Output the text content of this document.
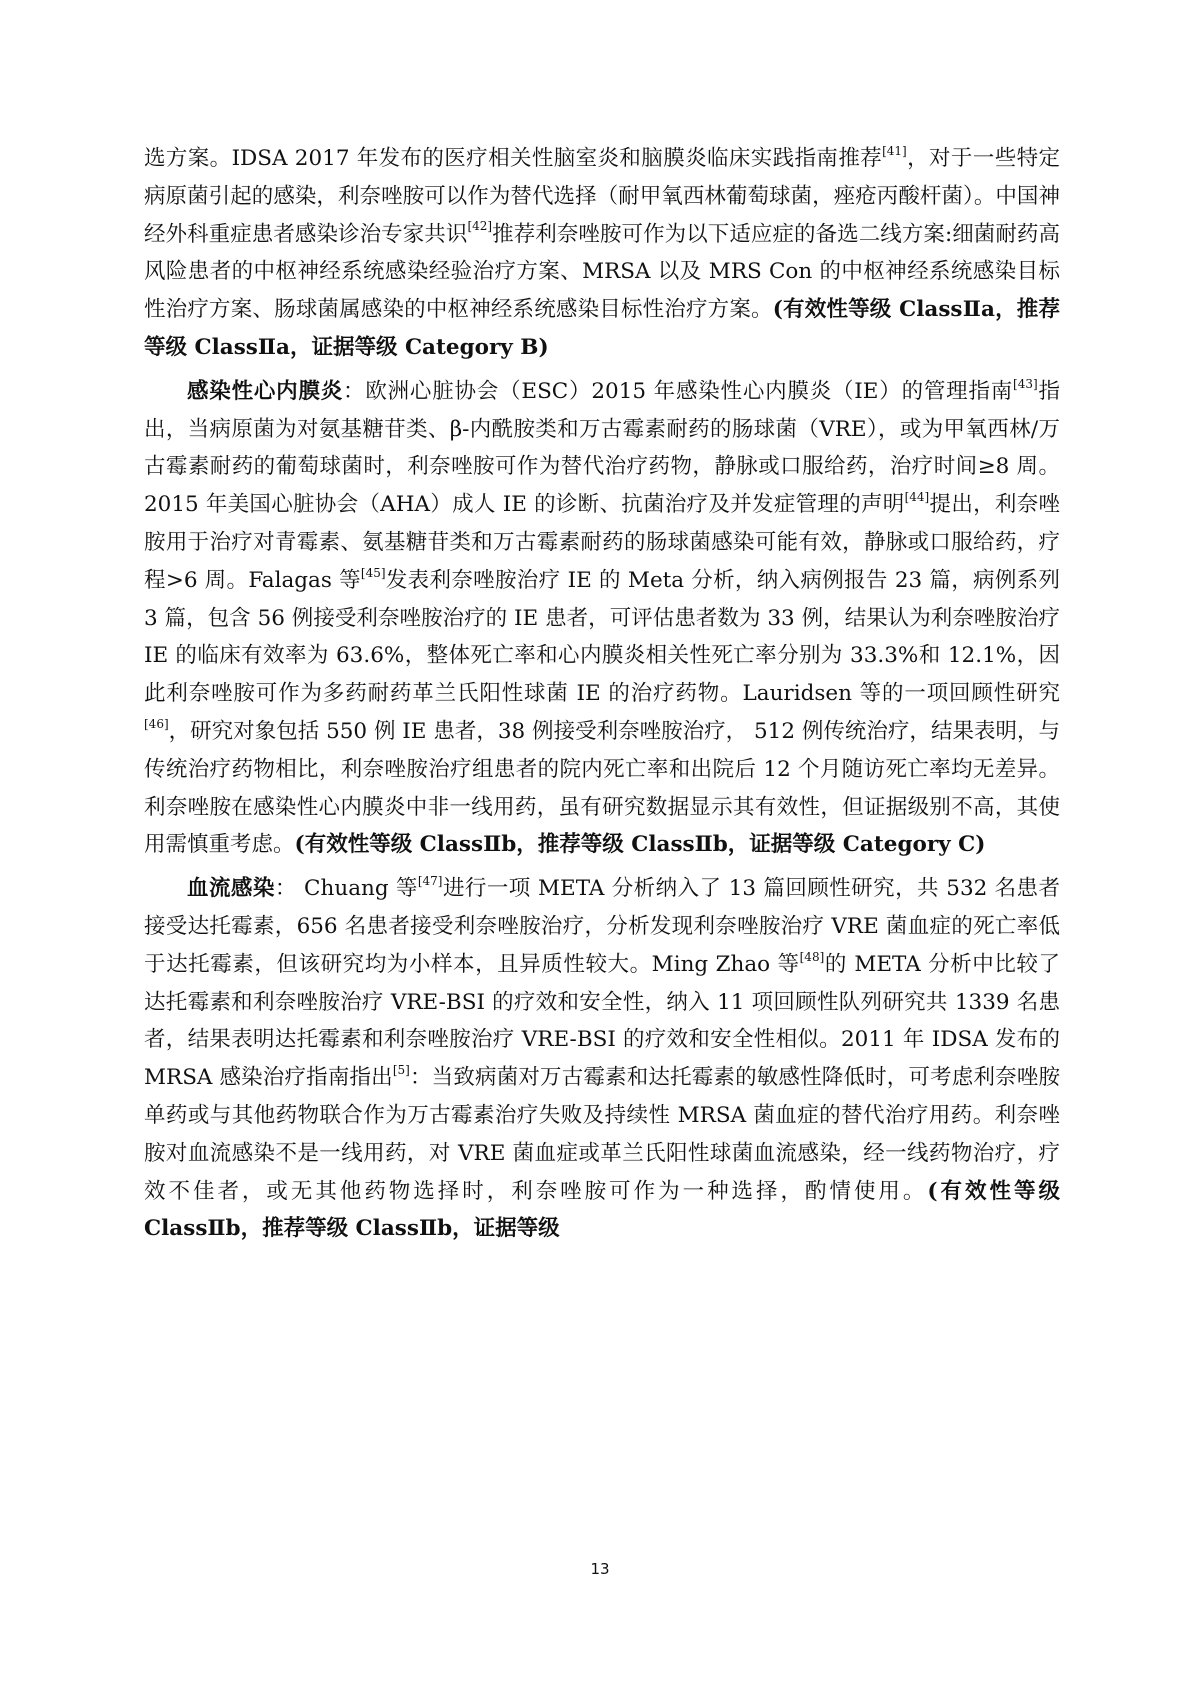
选方案。IDSA 2017 年发布的医疗相关性脑室炎和脑膜炎临床实践指南推荐[41]，对于一些特定病原菌引起的感染，利奈唑胺可以作为替代选择（耐甲氧西林葡萄球菌，痤疮丙酸杆菌）。中国神经外科重症患者感染诊治专家共识[42]推荐利奈唑胺可作为以下适应症的备选二线方案:细菌耐药高风险患者的中枢神经系统感染经验治疗方案、MRSA 以及 MRS Con 的中枢神经系统感染目标性治疗方案、肠球菌属感染的中枢神经系统感染目标性治疗方案。(有效性等级 ClassⅡa，推荐等级 ClassⅡa，证据等级 Category B)

感染性心内膜炎：欧洲心脏协会（ESC）2015 年感染性心内膜炎（IE）的管理指南[43]指出，当病原菌为对氨基糖苷类、β-内酰胺类和万古霉素耐药的肠球菌（VRE），或为甲氧西林/万古霉素耐药的葡萄球菌时，利奈唑胺可作为替代治疗药物，静脉或口服给药，治疗时间≥8 周。2015 年美国心脏协会（AHA）成人 IE 的诊断、抗菌治疗及并发症管理的声明[44]提出，利奈唑胺用于治疗对青霉素、氨基糖苷类和万古霉素耐药的肠球菌感染可能有效，静脉或口服给药，疗程>6 周。Falagas 等[45]发表利奈唑胺治疗 IE 的 Meta 分析，纳入病例报告 23 篇，病例系列 3 篇，包含 56 例接受利奈唑胺治疗的 IE 患者，可评估患者数为 33 例，结果认为利奈唑胺治疗 IE 的临床有效率为 63.6%，整体死亡率和心内膜炎相关性死亡率分别为 33.3%和 12.1%，因此利奈唑胺可作为多药耐药革兰氏阳性球菌 IE 的治疗药物。Lauridsen 等的一项回顾性研究[46]，研究对象包括 550 例 IE 患者，38 例接受利奈唑胺治疗， 512 例传统治疗，结果表明，与传统治疗药物相比，利奈唑胺治疗组患者的院内死亡率和出院后 12 个月随访死亡率均无差异。利奈唑胺在感染性心内膜炎中非一线用药，虽有研究数据显示其有效性，但证据级别不高，其使用需慎重考虑。(有效性等级 ClassⅡb，推荐等级 ClassⅡb，证据等级 Category C)

血流感染： Chuang 等[47]进行一项 META 分析纳入了 13 篇回顾性研究，共 532 名患者接受达托霉素，656 名患者接受利奈唑胺治疗，分析发现利奈唑胺治疗 VRE 菌血症的死亡率低于达托霉素，但该研究均为小样本，且异质性较大。Ming Zhao 等[48]的 META 分析中比较了达托霉素和利奈唑胺治疗 VRE-BSI 的疗效和安全性，纳入 11 项回顾性队列研究共 1339 名患者，结果表明达托霉素和利奈唑胺治疗 VRE-BSI 的疗效和安全性相似。2011 年 IDSA 发布的 MRSA 感染治疗指南指出[5]：当致病菌对万古霉素和达托霉素的敏感性降低时，可考虑利奈唑胺单药或与其他药物联合作为万古霉素治疗失败及持续性 MRSA 菌血症的替代治疗用药。利奈唑胺对血流感染不是一线用药，对 VRE 菌血症或革兰氏阳性球菌血流感染，经一线药物治疗，疗效不佳者，或无其他药物选择时，利奈唑胺可作为一种选择，酌情使用。(有效性等级 ClassⅡb，推荐等级 ClassⅡb，证据等级

13
